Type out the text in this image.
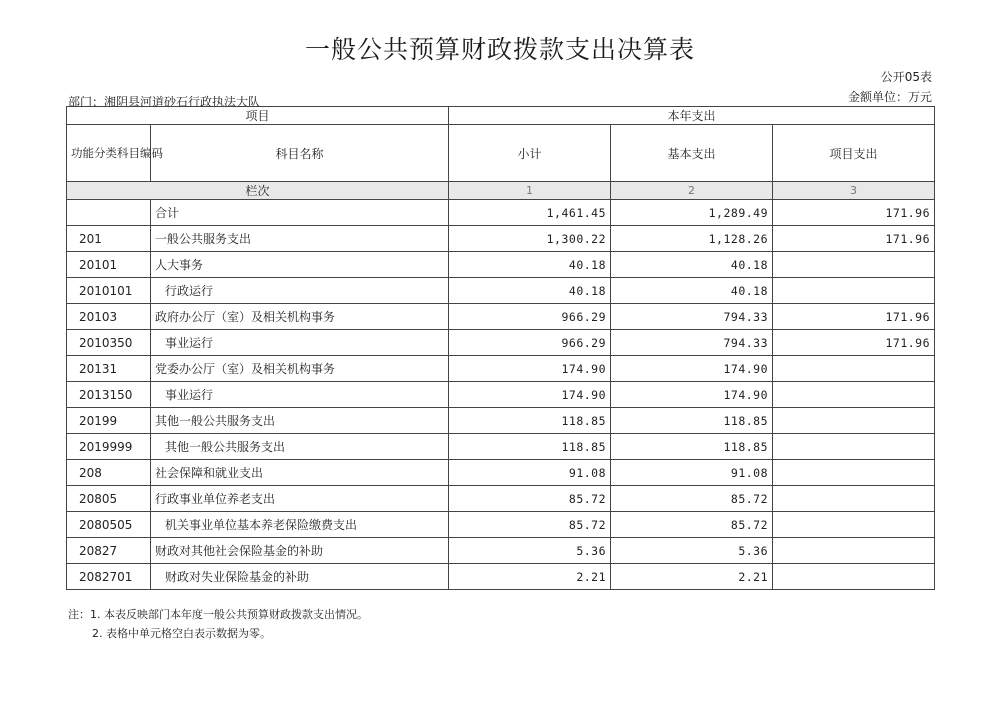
一般公共预算财政拨款支出决算表
公开05表
金额单位：万元
部门：湘阴县河道砂石行政执法大队
项目		本年支出		
功能分类科目编码	科目名称	小计	基本支出	项目支出
栏次		1	2	3
	合计	1,461.45	1,289.49	171.96
201	一般公共服务支出	1,300.22	1,128.26	171.96
20101	人大事务	40.18	40.18	
2010101	行政运行	40.18	40.18	
20103	政府办公厅（室）及相关机构事务	966.29	794.33	171.96
2010350	事业运行	966.29	794.33	171.96
20131	党委办公厅（室）及相关机构事务	174.90	174.90	
2013150	事业运行	174.90	174.90	
20199	其他一般公共服务支出	118.85	118.85	
2019999	其他一般公共服务支出	118.85	118.85	
208	社会保障和就业支出	91.08	91.08	
20805	行政事业单位养老支出	85.72	85.72	
2080505	机关事业单位基本养老保险缴费支出	85.72	85.72	
20827	财政对其他社会保险基金的补助	5.36	5.36	
2082701	财政对失业保险基金的补助	2.21	2.21	
注：1. 本表反映部门本年度一般公共预算财政拨款支出情况。
2. 表格中单元格空白表示数据为零。
